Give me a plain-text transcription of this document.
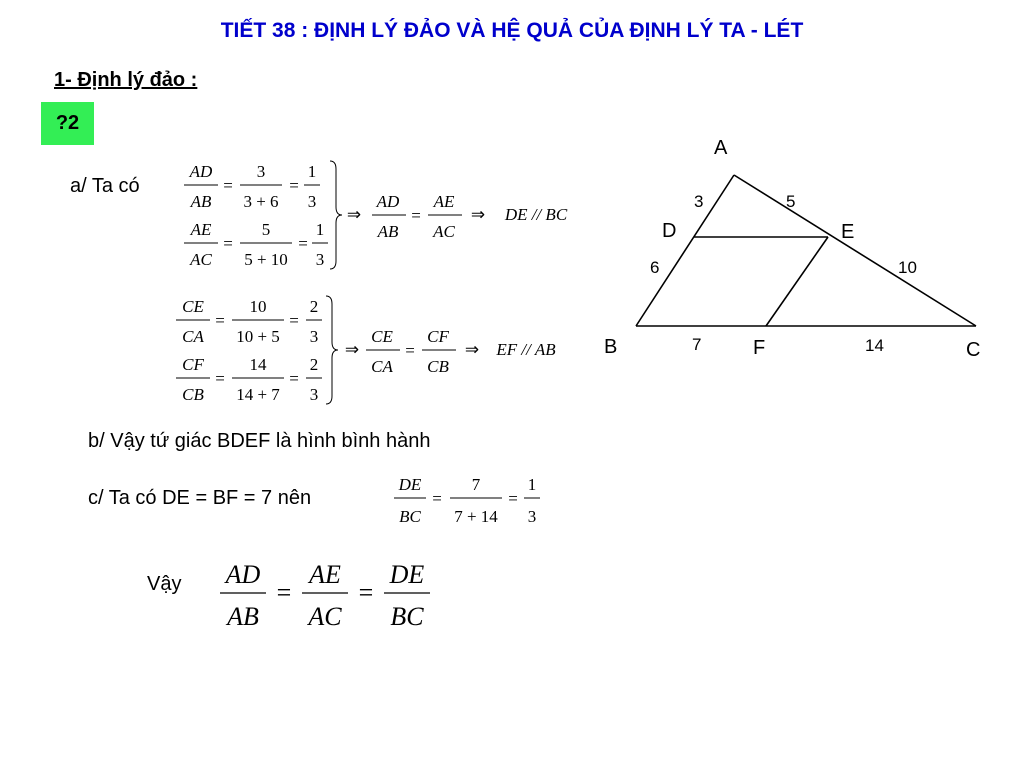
TIẾT 38 : ĐỊNH LÝ ĐẢO VÀ HỆ QUẢ CỦA ĐỊNH LÝ TA - LÉT
1- Định lý đảo :
?2
a/ Ta có
b/ Vậy tứ giác BDEF là hình bình hành
c/ Ta có DE = BF = 7 nên
Vậy
AD
AB
=
3
3 + 6
=
1
3
AE
AC
=
5
5 + 10
=
1
3
⇒
AD
AB
=
AE
AC
⇒ DE // BC
CE
CA
=
10
10 + 5
=
2
3
CF
CB
=
14
14 + 7
=
2
3
⇒
CE
CA
=
CF
CB
⇒ EF // AB
DE
BC
=
7
7 + 14
=
1
3
AD
AB
=
AE
AC
=
DE
BC
A
B	C
D	E
F
3	5
6	10
7	14
